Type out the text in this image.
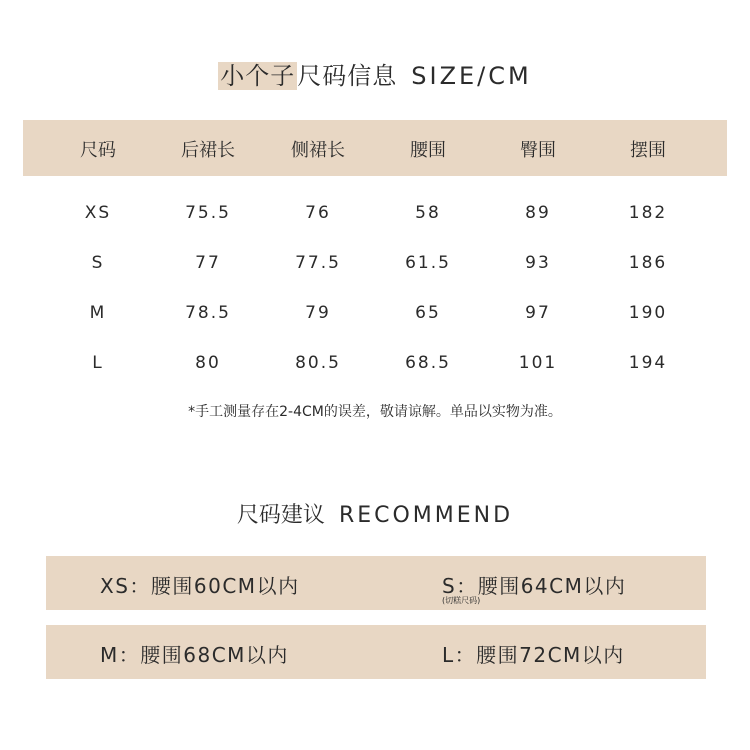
小个子尺码信息 SIZE/CM
尺码	后裙长	侧裙长	腰围	臀围	摆围
XS	75.5	76	58	89	182
S	77	77.5	61.5	93	186
M	78.5	79	65	97	190
L	80	80.5	68.5	101	194
*手工测量存在2-4CM的误差，敬请谅解。单品以实物为准。
尺码建议 RECOMMEND
XS：腰围60CM以内	S：腰围64CM以内
(切糕尺码)
M：腰围68CM以内	L：腰围72CM以内
